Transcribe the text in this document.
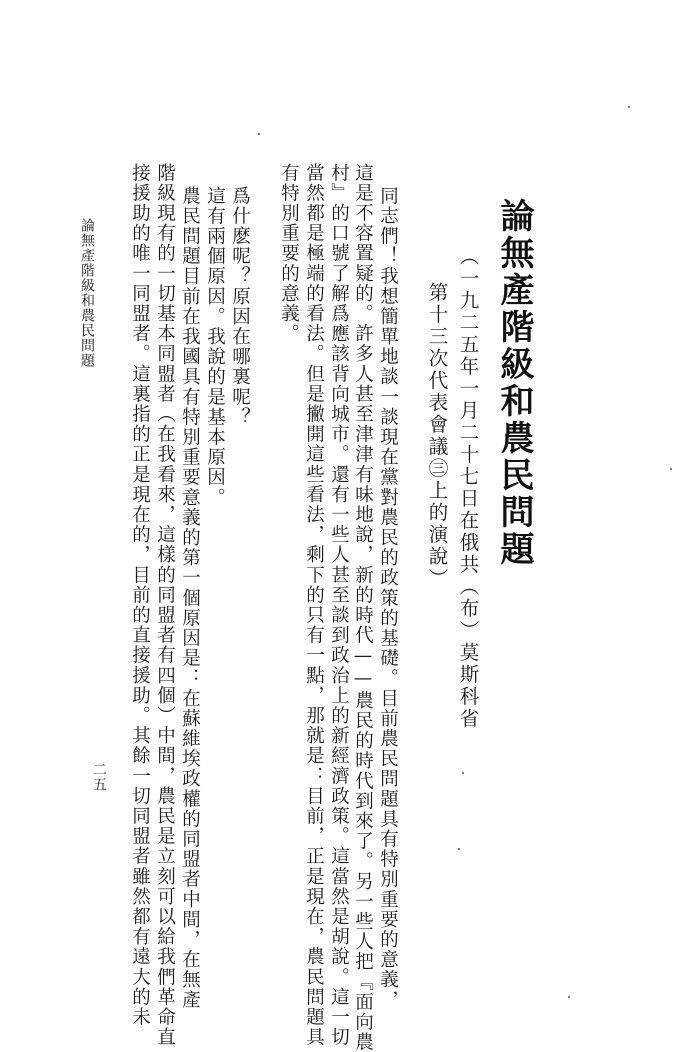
論無產階級和農民問題
（一九二五年一月二十七日在俄共（布）莫斯科省
第十三次代表會議㊂上的演說）
同志們！我想簡單地談一談現在黨對農民的政策的基礎。目前農民問題具有特別重要的意義，
這是不容置疑的。許多人甚至津津有味地說，新的時代——農民的時代到來了。另一些人把『面向農
村』的口號了解爲應該背向城市。還有一些人甚至談到政治上的新經濟政策。這當然是胡說。這一切
當然都是極端的看法。但是撇開這些看法，剩下的只有一點，那就是：目前，正是現在，農民問題具
有特別重要的意義。
爲什麽呢？原因在哪裏呢？
這有兩個原因。我說的是基本原因。
農民問題目前在我國具有特別重要意義的第一個原因是：在蘇維埃政權的同盟者中間，在無產
階級現有的一切基本同盟者（在我看來，這樣的同盟者有四個）中間，農民是立刻可以給我們革命直
接援助的唯一同盟者。這裏指的正是現在的，目前的直接援助。其餘一切同盟者雖然都有遠大的未
論無產階級和農民問題
二五
